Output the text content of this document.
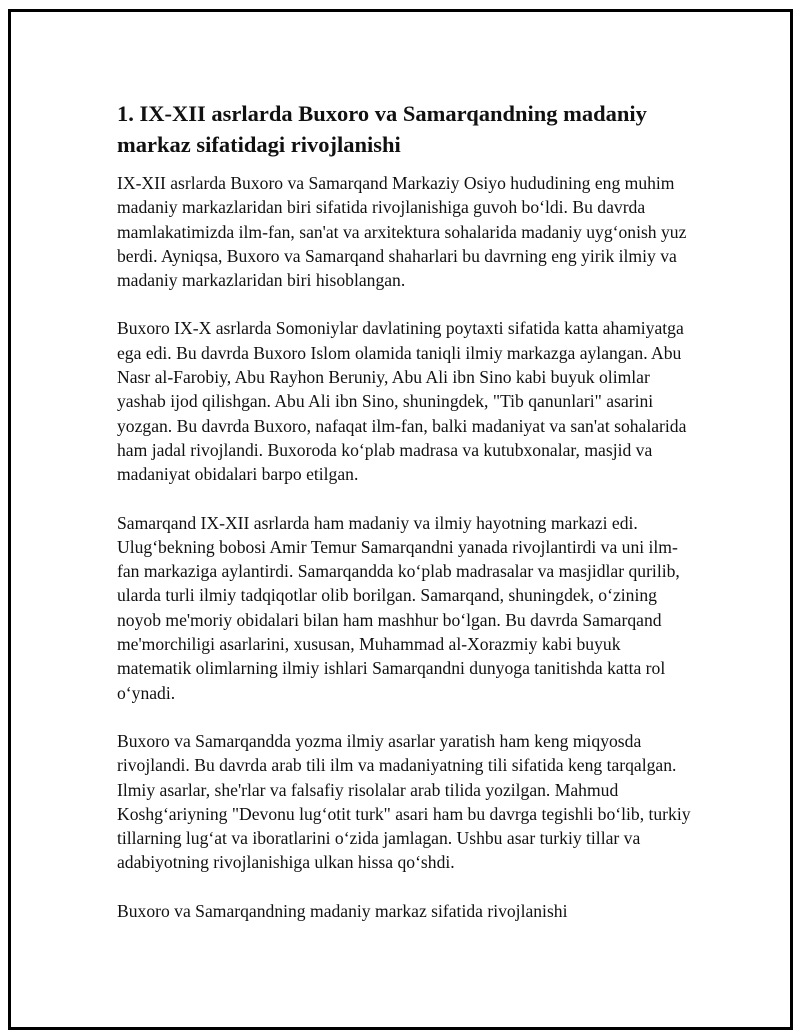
1. IX-XII asrlarda Buxoro va Samarqandning madaniy markaz sifatidagi rivojlanishi

IX-XII asrlarda Buxoro va Samarqand Markaziy Osiyo hududining eng muhim madaniy markazlaridan biri sifatida rivojlanishiga guvoh bo‘ldi. Bu davrda mamlakatimizda ilm-fan, san'at va arxitektura sohalarida madaniy uyg‘onish yuz berdi. Ayniqsa, Buxoro va Samarqand shaharlari bu davrning eng yirik ilmiy va madaniy markazlaridan biri hisoblangan.

Buxoro IX-X asrlarda Somoniylar davlatining poytaxti sifatida katta ahamiyatga ega edi. Bu davrda Buxoro Islom olamida taniqli ilmiy markazga aylangan. Abu Nasr al-Farobiy, Abu Rayhon Beruniy, Abu Ali ibn Sino kabi buyuk olimlar yashab ijod qilishgan. Abu Ali ibn Sino, shuningdek, "Tib qanunlari" asarini yozgan. Bu davrda Buxoro, nafaqat ilm-fan, balki madaniyat va san'at sohalarida ham jadal rivojlandi. Buxoroda ko‘plab madrasa va kutubxonalar, masjid va madaniyat obidalari barpo etilgan.

Samarqand IX-XII asrlarda ham madaniy va ilmiy hayotning markazi edi. Ulug‘bekning bobosi Amir Temur Samarqandni yanada rivojlantirdi va uni ilm-fan markaziga aylantirdi. Samarqandda ko‘plab madrasalar va masjidlar qurilib, ularda turli ilmiy tadqiqotlar olib borilgan. Samarqand, shuningdek, o‘zining noyob me'moriy obidalari bilan ham mashhur bo‘lgan. Bu davrda Samarqand me'morchiligi asarlarini, xususan, Muhammad al-Xorazmiy kabi buyuk matematik olimlarning ilmiy ishlari Samarqandni dunyoga tanitishda katta rol o‘ynadi.

Buxoro va Samarqandda yozma ilmiy asarlar yaratish ham keng miqyosda rivojlandi. Bu davrda arab tili ilm va madaniyatning tili sifatida keng tarqalgan. Ilmiy asarlar, she'rlar va falsafiy risolalar arab tilida yozilgan. Mahmud Koshg‘ariyning "Devonu lug‘otit turk" asari ham bu davrga tegishli bo‘lib, turkiy tillarning lug‘at va iboratlarini o‘zida jamlagan. Ushbu asar turkiy tillar va adabiyotning rivojlanishiga ulkan hissa qo‘shdi.

Buxoro va Samarqandning madaniy markaz sifatida rivojlanishi
